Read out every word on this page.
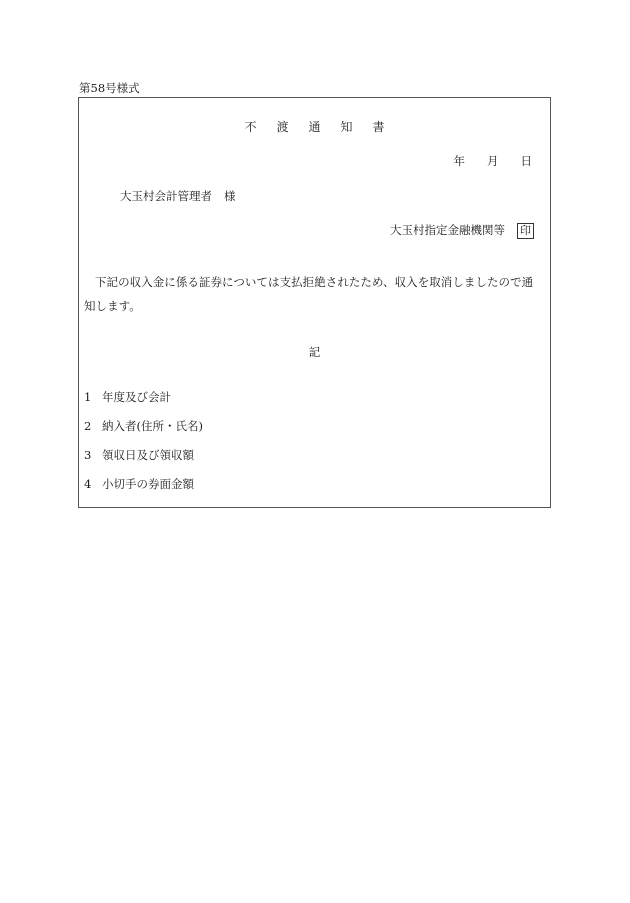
第58号様式
不 渡 通 知 書
年 月 日
大玉村会計管理者 様
大玉村指定金融機関等 印
下記の収入金に係る証券については支払拒絶されたため、収入を取消しましたので通知します。
記
1 年度及び会計
2 納入者(住所・氏名)
3 領収日及び領収額
4 小切手の券面金額
